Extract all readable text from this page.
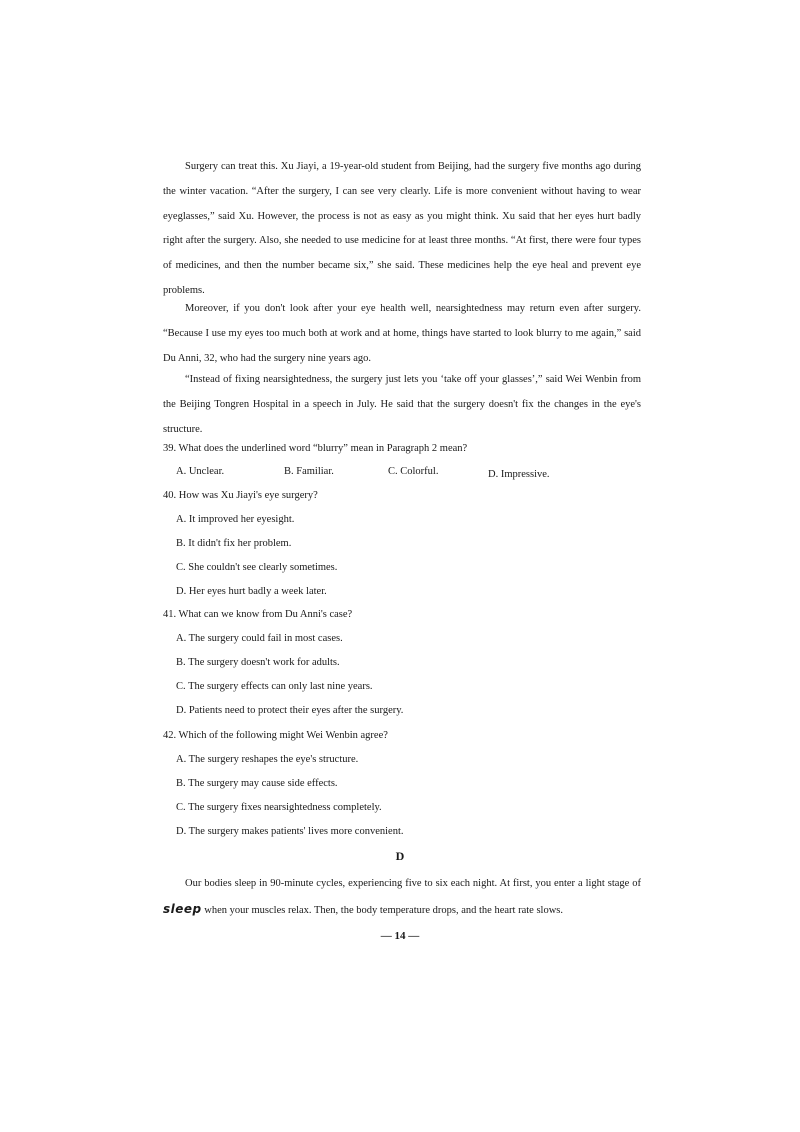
Surgery can treat this. Xu Jiayi, a 19-year-old student from Beijing, had the surgery five months ago during the winter vacation. “After the surgery, I can see very clearly. Life is more convenient without having to wear eyeglasses,” said Xu. However, the process is not as easy as you might think. Xu said that her eyes hurt badly right after the surgery. Also, she needed to use medicine for at least three months. “At first, there were four types of medicines, and then the number became six,” she said. These medicines help the eye heal and prevent eye problems.
Moreover, if you don't look after your eye health well, nearsightedness may return even after surgery. “Because I use my eyes too much both at work and at home, things have started to look blurry to me again,” said Du Anni, 32, who had the surgery nine years ago.
“Instead of fixing nearsightedness, the surgery just lets you ‘take off your glasses’,” said Wei Wenbin from the Beijing Tongren Hospital in a speech in July. He said that the surgery doesn't fix the changes in the eye's structure.
39. What does the underlined word “blurry” mean in Paragraph 2 mean?
A. Unclear.	B. Familiar.	C. Colorful.	D. Impressive.
40. How was Xu Jiayi's eye surgery?
A. It improved her eyesight.
B. It didn't fix her problem.
C. She couldn't see clearly sometimes.
D. Her eyes hurt badly a week later.
41. What can we know from Du Anni's case?
A. The surgery could fail in most cases.
B. The surgery doesn't work for adults.
C. The surgery effects can only last nine years.
D. Patients need to protect their eyes after the surgery.
42. Which of the following might Wei Wenbin agree?
A. The surgery reshapes the eye's structure.
B. The surgery may cause side effects.
C. The surgery fixes nearsightedness completely.
D. The surgery makes patients' lives more convenient.
D
Our bodies sleep in 90-minute cycles, experiencing five to six each night. At first, you enter a light stage of sleep when your muscles relax. Then, the body temperature drops, and the heart rate slows.
— 14 —
